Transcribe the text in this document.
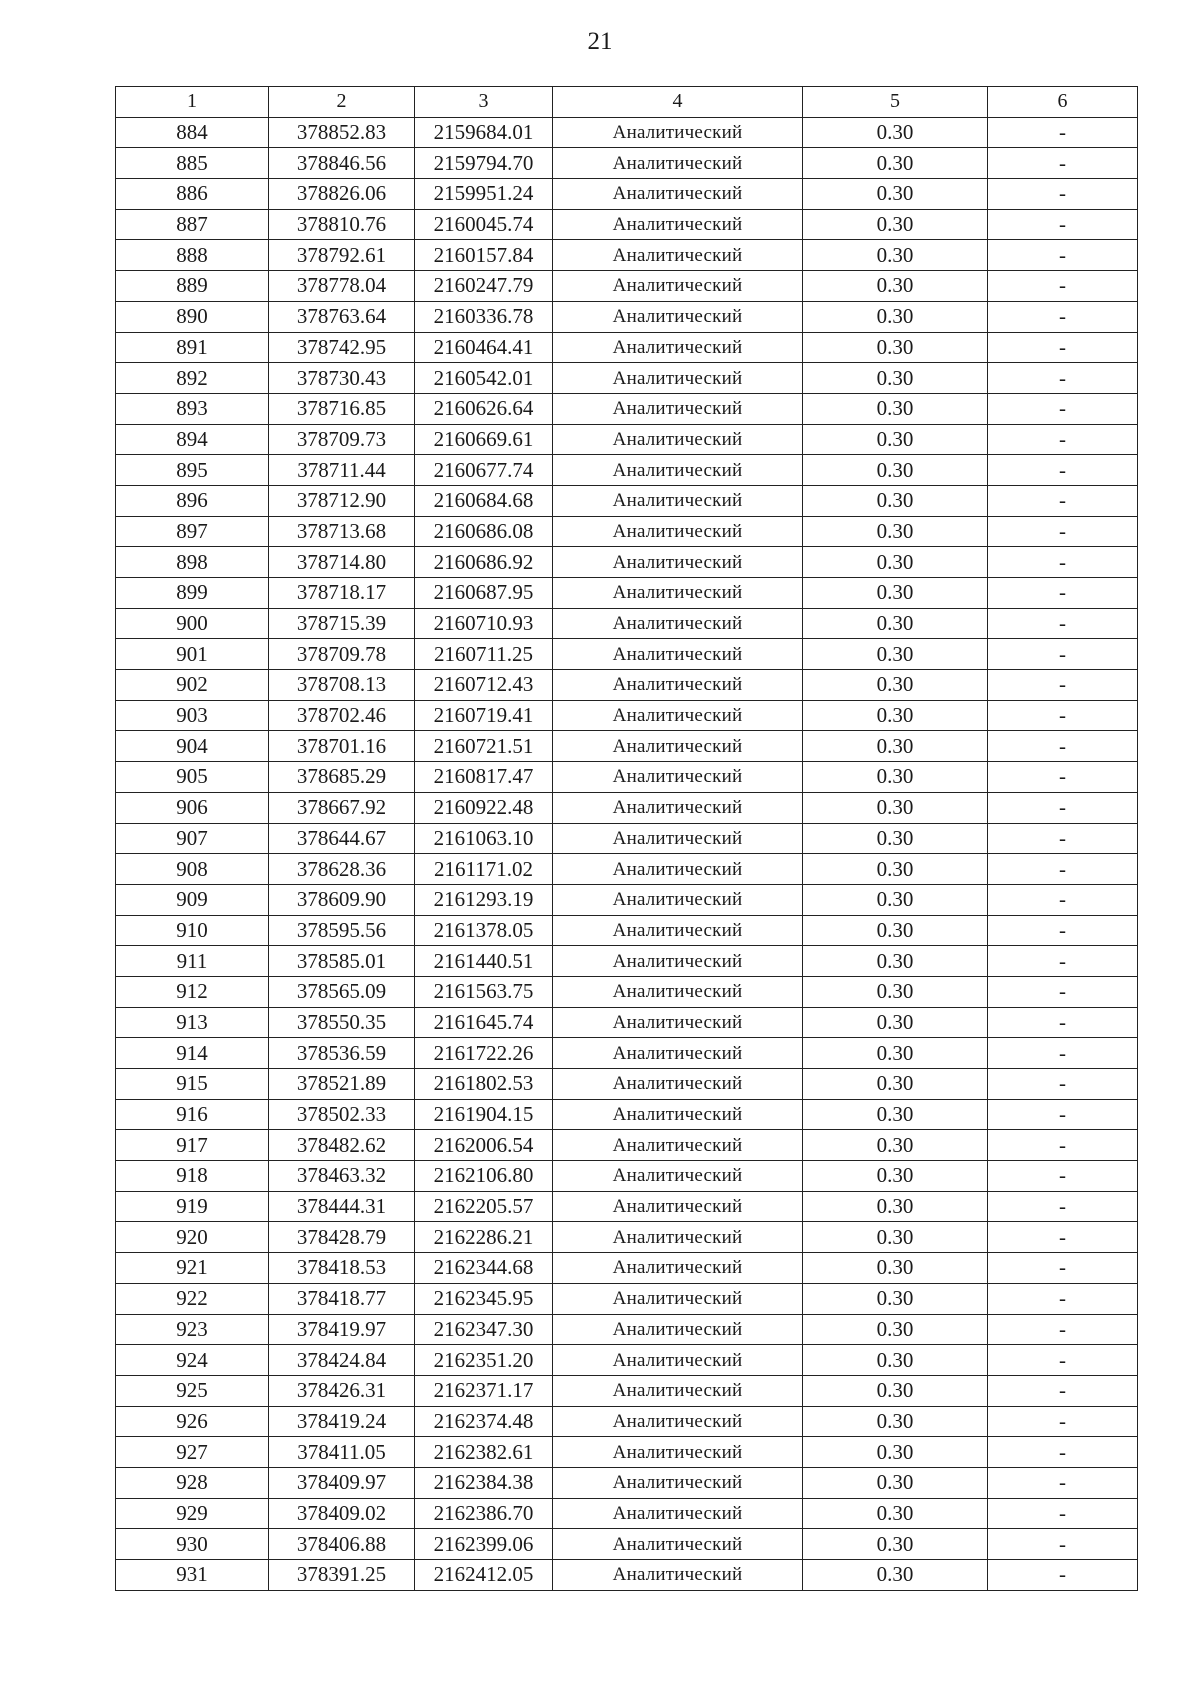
21
1	2	3	4	5	6
884	378852.83	2159684.01	Аналитический	0.30	-
885	378846.56	2159794.70	Аналитический	0.30	-
886	378826.06	2159951.24	Аналитический	0.30	-
887	378810.76	2160045.74	Аналитический	0.30	-
888	378792.61	2160157.84	Аналитический	0.30	-
889	378778.04	2160247.79	Аналитический	0.30	-
890	378763.64	2160336.78	Аналитический	0.30	-
891	378742.95	2160464.41	Аналитический	0.30	-
892	378730.43	2160542.01	Аналитический	0.30	-
893	378716.85	2160626.64	Аналитический	0.30	-
894	378709.73	2160669.61	Аналитический	0.30	-
895	378711.44	2160677.74	Аналитический	0.30	-
896	378712.90	2160684.68	Аналитический	0.30	-
897	378713.68	2160686.08	Аналитический	0.30	-
898	378714.80	2160686.92	Аналитический	0.30	-
899	378718.17	2160687.95	Аналитический	0.30	-
900	378715.39	2160710.93	Аналитический	0.30	-
901	378709.78	2160711.25	Аналитический	0.30	-
902	378708.13	2160712.43	Аналитический	0.30	-
903	378702.46	2160719.41	Аналитический	0.30	-
904	378701.16	2160721.51	Аналитический	0.30	-
905	378685.29	2160817.47	Аналитический	0.30	-
906	378667.92	2160922.48	Аналитический	0.30	-
907	378644.67	2161063.10	Аналитический	0.30	-
908	378628.36	2161171.02	Аналитический	0.30	-
909	378609.90	2161293.19	Аналитический	0.30	-
910	378595.56	2161378.05	Аналитический	0.30	-
911	378585.01	2161440.51	Аналитический	0.30	-
912	378565.09	2161563.75	Аналитический	0.30	-
913	378550.35	2161645.74	Аналитический	0.30	-
914	378536.59	2161722.26	Аналитический	0.30	-
915	378521.89	2161802.53	Аналитический	0.30	-
916	378502.33	2161904.15	Аналитический	0.30	-
917	378482.62	2162006.54	Аналитический	0.30	-
918	378463.32	2162106.80	Аналитический	0.30	-
919	378444.31	2162205.57	Аналитический	0.30	-
920	378428.79	2162286.21	Аналитический	0.30	-
921	378418.53	2162344.68	Аналитический	0.30	-
922	378418.77	2162345.95	Аналитический	0.30	-
923	378419.97	2162347.30	Аналитический	0.30	-
924	378424.84	2162351.20	Аналитический	0.30	-
925	378426.31	2162371.17	Аналитический	0.30	-
926	378419.24	2162374.48	Аналитический	0.30	-
927	378411.05	2162382.61	Аналитический	0.30	-
928	378409.97	2162384.38	Аналитический	0.30	-
929	378409.02	2162386.70	Аналитический	0.30	-
930	378406.88	2162399.06	Аналитический	0.30	-
931	378391.25	2162412.05	Аналитический	0.30	-
